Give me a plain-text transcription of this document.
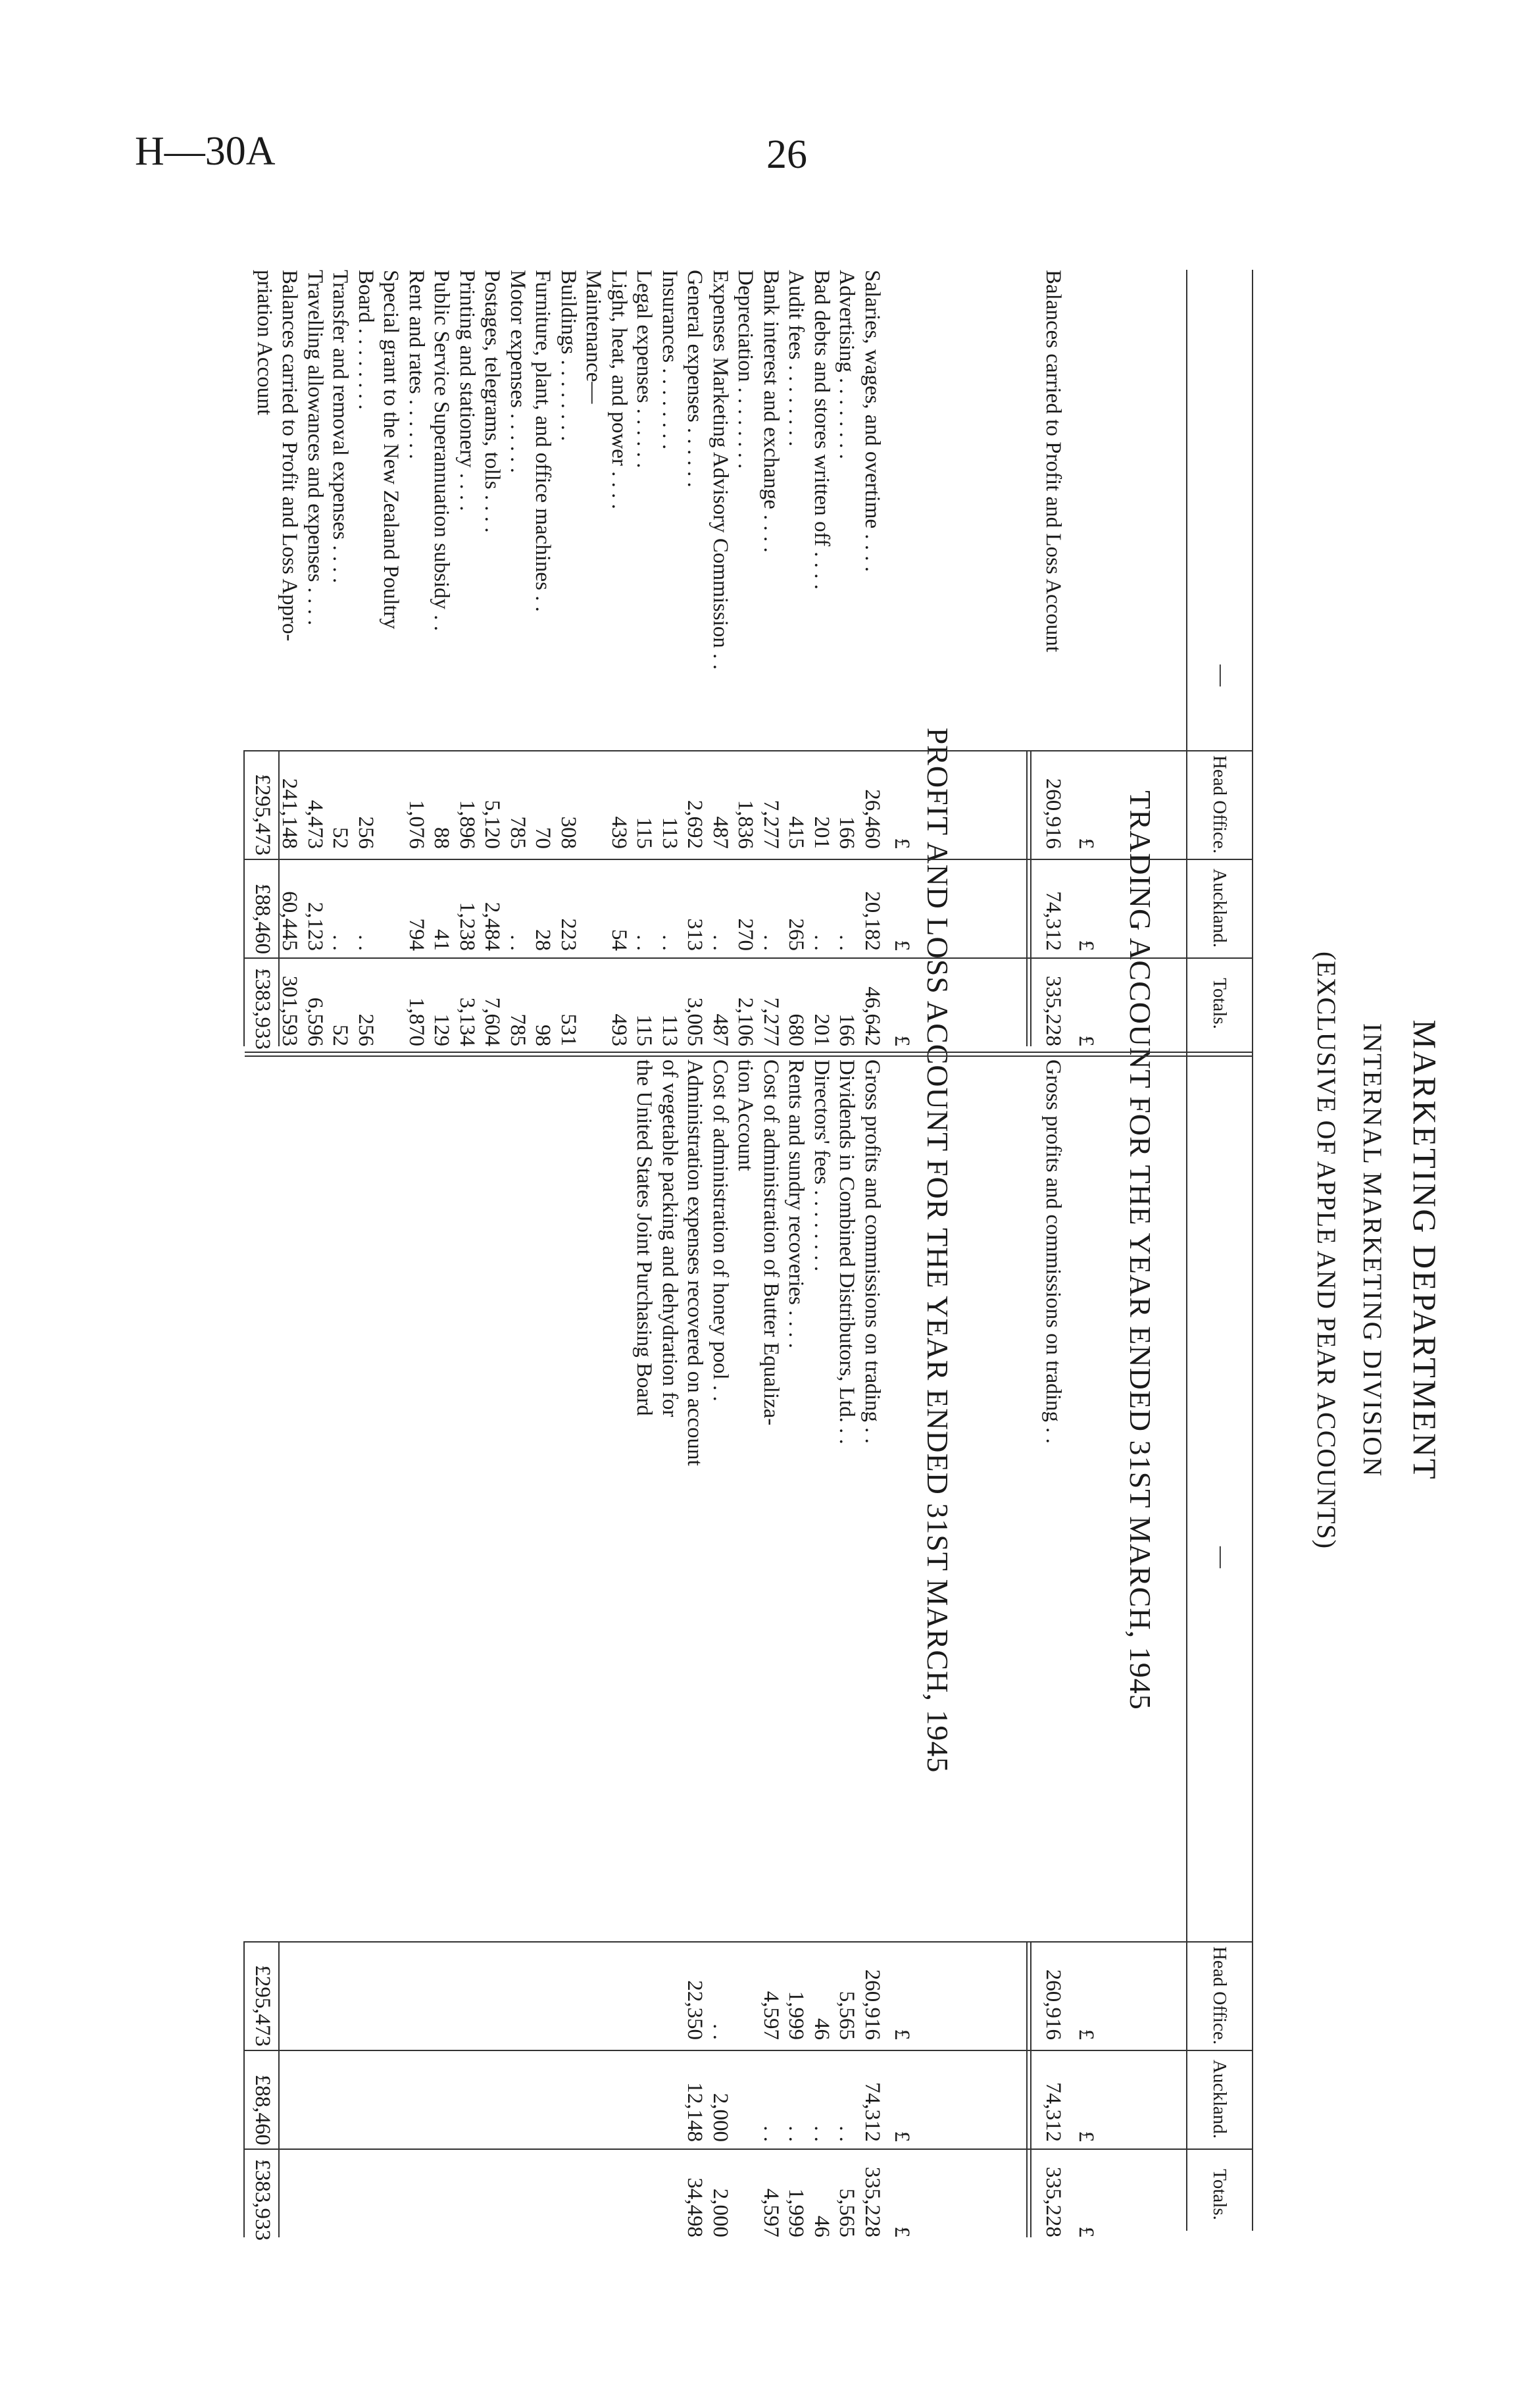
H—30A	26
MARKETING DEPARTMENT
INTERNAL MARKETING DIVISION
(EXCLUSIVE OF APPLE AND PEAR ACCOUNTS)
—
Head Office.
Auckland.
Totals.
—
Head Office.
Auckland.
Totals.
TRADING ACCOUNT FOR THE YEAR ENDED 31ST MARCH, 1945
£
£
£
£
£
£
Balances carried to Profit and Loss Account
260,916
74,312
335,228
Gross profits and commissions on trading . .
260,916
74,312
335,228
PROFIT AND LOSS ACCOUNT FOR THE YEAR ENDED 31ST MARCH, 1945
£
£
£
£
£
£
Salaries, wages, and overtime . . . .
26,460
20,182
46,642
Advertising . . . . . . . .
166
. .
166
Bad debts and stores written off . . . .
201
. .
201
Audit fees . . . . . . . .
415
265
680
Bank interest and exchange . . . .
7,277
. .
7,277
Depreciation . . . . . . . .
1,836
270
2,106
Expenses Marketing Advisory Commission . .
487
. .
487
General expenses . . . . . .
2,692
313
3,005
Insurances . . . . . . . .
113
. .
113
Legal expenses . . . . . .
115
. .
115
Light, heat, and power . . . .
439
54
493
Maintenance—
Buildings . . . . . . . .
308
223
531
Furniture, plant, and office machines . .
70
28
98
Motor expenses . . . . . .
785
. .
785
Postages, telegrams, tolls . . . .
5,120
2,484
7,604
Printing and stationery . . . .
1,896
1,238
3,134
Public Service Superannuation subsidy . .
88
41
129
Rent and rates . . . . . .
1,076
794
1,870
Special grant to the New Zealand Poultry
Board . . . . . . . .
256
. .
256
Transfer and removal expenses . . . .
52
. .
52
Travelling allowances and expenses . . . .
4,473
2,123
6,596
Balances carried to Profit and Loss Appro-
241,148
60,445
301,593
priation Account
Gross profits and commissions on trading . .
260,916
74,312
335,228
Dividends in Combined Distributors, Ltd. . .
5,565
. .
5,565
Directors' fees . . . . . . . .
46
. .
46
Rents and sundry recoveries . . . .
1,999
. .
1,999
Cost of administration of Butter Equaliza-
4,597
. .
4,597
tion Account
Cost of administration of honey pool . .
. .
2,000
2,000
Administration expenses recovered on account
22,350
12,148
34,498
of vegetable packing and dehydration for
the United States Joint Purchasing Board
£295,473
£88,460
£383,933
£295,473
£88,460
£383,933
